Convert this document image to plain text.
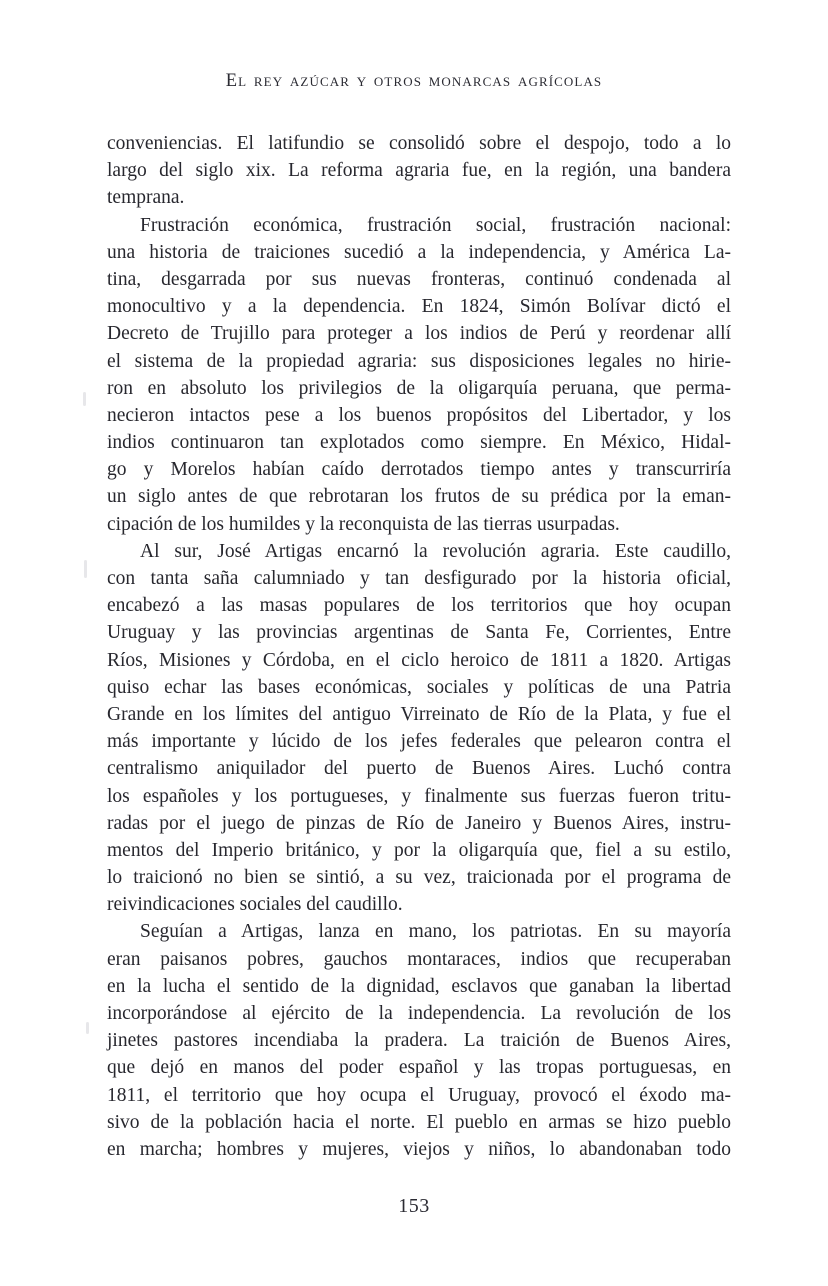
El rey azúcar y otros monarcas agrícolas
conveniencias. El latifundio se consolidó sobre el despojo, todo a lo
largo del siglo xix. La reforma agraria fue, en la región, una bandera
temprana.
Frustración económica, frustración social, frustración nacional:
una historia de traiciones sucedió a la independencia, y América La-
tina, desgarrada por sus nuevas fronteras, continuó condenada al
monocultivo y a la dependencia. En 1824, Simón Bolívar dictó el
Decreto de Trujillo para proteger a los indios de Perú y reordenar allí
el sistema de la propiedad agraria: sus disposiciones legales no hirie-
ron en absoluto los privilegios de la oligarquía peruana, que perma-
necieron intactos pese a los buenos propósitos del Libertador, y los
indios continuaron tan explotados como siempre. En México, Hidal-
go y Morelos habían caído derrotados tiempo antes y transcurriría
un siglo antes de que rebrotaran los frutos de su prédica por la eman-
cipación de los humildes y la reconquista de las tierras usurpadas.
Al sur, José Artigas encarnó la revolución agraria. Este caudillo,
con tanta saña calumniado y tan desfigurado por la historia oficial,
encabezó a las masas populares de los territorios que hoy ocupan
Uruguay y las provincias argentinas de Santa Fe, Corrientes, Entre
Ríos, Misiones y Córdoba, en el ciclo heroico de 1811 a 1820. Artigas
quiso echar las bases económicas, sociales y políticas de una Patria
Grande en los límites del antiguo Virreinato de Río de la Plata, y fue el
más importante y lúcido de los jefes federales que pelearon contra el
centralismo aniquilador del puerto de Buenos Aires. Luchó contra
los españoles y los portugueses, y finalmente sus fuerzas fueron tritu-
radas por el juego de pinzas de Río de Janeiro y Buenos Aires, instru-
mentos del Imperio británico, y por la oligarquía que, fiel a su estilo,
lo traicionó no bien se sintió, a su vez, traicionada por el programa de
reivindicaciones sociales del caudillo.
Seguían a Artigas, lanza en mano, los patriotas. En su mayoría
eran paisanos pobres, gauchos montaraces, indios que recuperaban
en la lucha el sentido de la dignidad, esclavos que ganaban la libertad
incorporándose al ejército de la independencia. La revolución de los
jinetes pastores incendiaba la pradera. La traición de Buenos Aires,
que dejó en manos del poder español y las tropas portuguesas, en
1811, el territorio que hoy ocupa el Uruguay, provocó el éxodo ma-
sivo de la población hacia el norte. El pueblo en armas se hizo pueblo
en marcha; hombres y mujeres, viejos y niños, lo abandonaban todo
153
